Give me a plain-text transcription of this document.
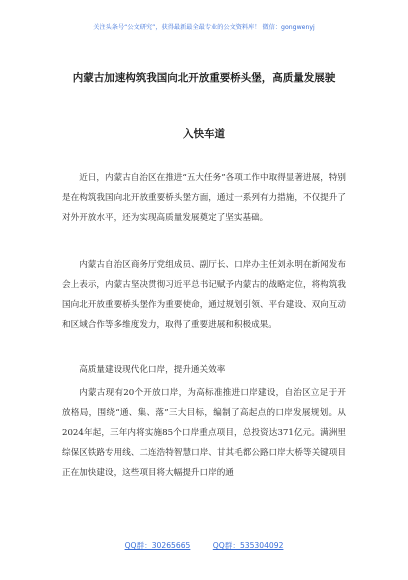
关注头条号“公文研究”，获得最新最全最专业的公文资料库！ 微信：gongwenyj
内蒙古加速构筑我国向北开放重要桥头堡，高质量发展驶
入快车道

近日，内蒙古自治区在推进“五大任务”各项工作中取得显著进展，特别是在构筑我国向北开放重要桥头堡方面，通过一系列有力措施，不仅提升了对外开放水平，还为实现高质量发展奠定了坚实基础。

内蒙古自治区商务厅党组成员、副厅长、口岸办主任刘永明在新闻发布会上表示，内蒙古坚决贯彻习近平总书记赋予内蒙古的战略定位，将构筑我国向北开放重要桥头堡作为重要使命，通过规划引领、平台建设、双向互动和区域合作等多维度发力，取得了重要进展和积极成果。

高质量建设现代化口岸，提升通关效率

内蒙古现有20个开放口岸，为高标准推进口岸建设，自治区立足于开放格局，围绕“通、集、落”三大目标，编制了高起点的口岸发展规划。从2024年起，三年内将实施85个口岸重点项目，总投资达371亿元。满洲里综保区铁路专用线、二连浩特智慧口岸、甘其毛都公路口岸大桥等关键项目正在加快建设，这些项目将大幅提升口岸的通

QQ群：30265665	QQ群：535304092
